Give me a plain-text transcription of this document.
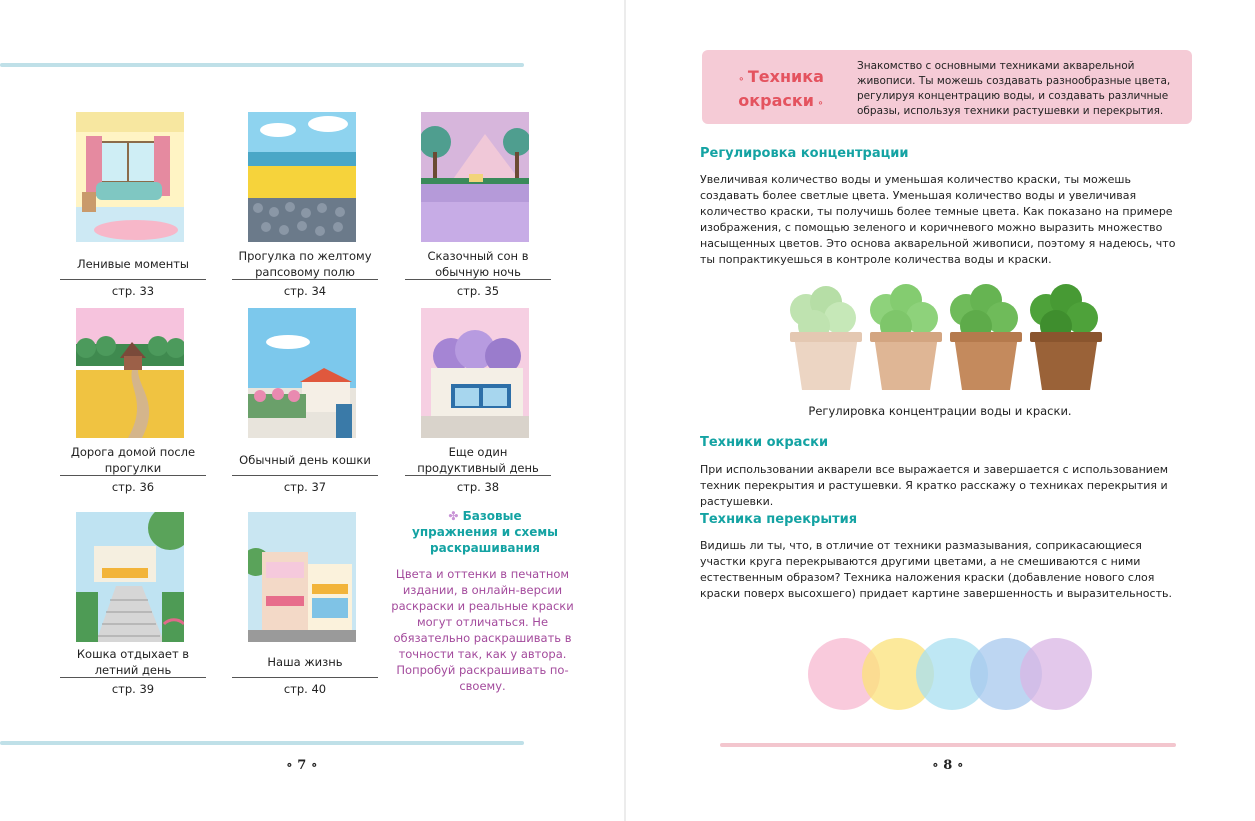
Ленивые моменты
стр. 33
Прогулка по желтому рапсовому полю
стр. 34
Сказочный сон в обычную ночь
стр. 35
Дорога домой после прогулки
стр. 36
Обычный день кошки
стр. 37
Еще один продуктивный день
стр. 38
Кошка отдыхает в летний день
стр. 39
Наша жизнь
стр. 40
✤ Базовые упражнения и схемы раскрашивания
Цвета и оттенки в печатном издании, в онлайн-версии раскраски и реальные краски могут отличаться. Не обязательно раскрашивать в точности так, как у автора. Попробуй раскрашивать по-своему.
∘ 7 ∘
∘ Техника окраски ∘
Знакомство с основными техниками акварельной живописи. Ты можешь создавать разнообразные цвета, регулируя концентрацию воды, и создавать различные образы, используя техники растушевки и перекрытия.
Регулировка концентрации
Увеличивая количество воды и уменьшая количество краски, ты можешь создавать более светлые цвета. Уменьшая количество воды и увеличивая количество краски, ты получишь более темные цвета. Как показано на примере изображения, с помощью зеленого и коричневого можно выразить множество насыщенных цветов. Это основа акварельной живописи, поэтому я надеюсь, что ты попрактикуешься в контроле количества воды и краски.
Регулировка концентрации воды и краски.
Техники окраски
При использовании акварели все выражается и завершается с использованием техник перекрытия и растушевки. Я кратко расскажу о техниках перекрытия и растушевки.
Техника перекрытия
Видишь ли ты, что, в отличие от техники размазывания, соприкасающиеся участки круга перекрываются другими цветами, а не смешиваются с ними естественным образом? Техника наложения краски (добавление нового слоя краски поверх высохшего) придает картине завершенность и выразительность.
∘ 8 ∘
